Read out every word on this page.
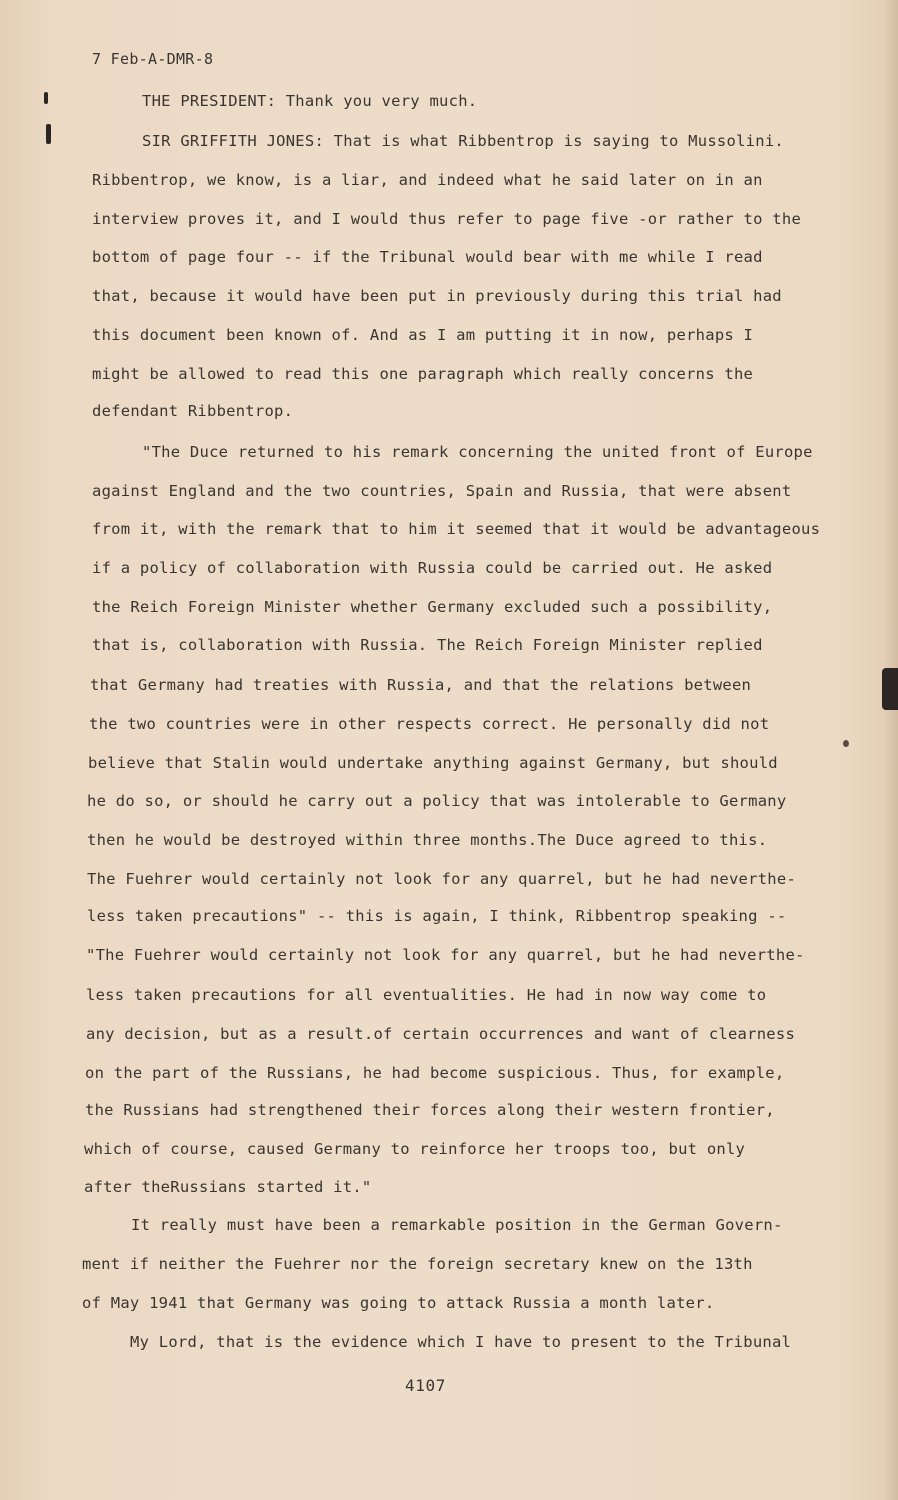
7 Feb-A-DMR-8
THE PRESIDENT: Thank you very much.
SIR GRIFFITH JONES: That is what Ribbentrop is saying to Mussolini.
Ribbentrop, we know, is a liar, and indeed what he said later on in an
interview proves it, and I would thus refer to page five -or rather to the
bottom of page four -- if the Tribunal would bear with me while I read
that, because it would have been put in previously during this trial had
this document been known of. And as I am putting it in now, perhaps I
might be allowed to read this one paragraph which really concerns the
defendant Ribbentrop.
"The Duce returned to his remark concerning the united front of Europe
against England and the two countries, Spain and Russia, that were absent
from it, with the remark that to him it seemed that it would be advantageous
if a policy of collaboration with Russia could be carried out. He asked
the Reich Foreign Minister whether Germany excluded such a possibility,
that is, collaboration with Russia. The Reich Foreign Minister replied
that Germany had treaties with Russia, and that the relations between
the two countries were in other respects correct. He personally did not
believe that Stalin would undertake anything against Germany, but should
he do so, or should he carry out a policy that was intolerable to Germany
then he would be destroyed within three months.The Duce agreed to this.
The Fuehrer would certainly not look for any quarrel, but he had neverthe-
less taken precautions" -- this is again, I think, Ribbentrop speaking --
"The Fuehrer would certainly not look for any quarrel, but he had neverthe-
less taken precautions for all eventualities. He had in now way come to
any decision, but as a result.of certain occurrences and want of clearness
on the part of the Russians, he had become suspicious. Thus, for example,
the Russians had strengthened their forces along their western frontier,
which of course, caused Germany to reinforce her troops too, but only
after theRussians started it."
It really must have been a remarkable position in the German Govern-
ment if neither the Fuehrer nor the foreign secretary knew on the 13th
of May 1941 that Germany was going to attack Russia a month later.
My Lord, that is the evidence which I have to present to the Tribunal
4107
